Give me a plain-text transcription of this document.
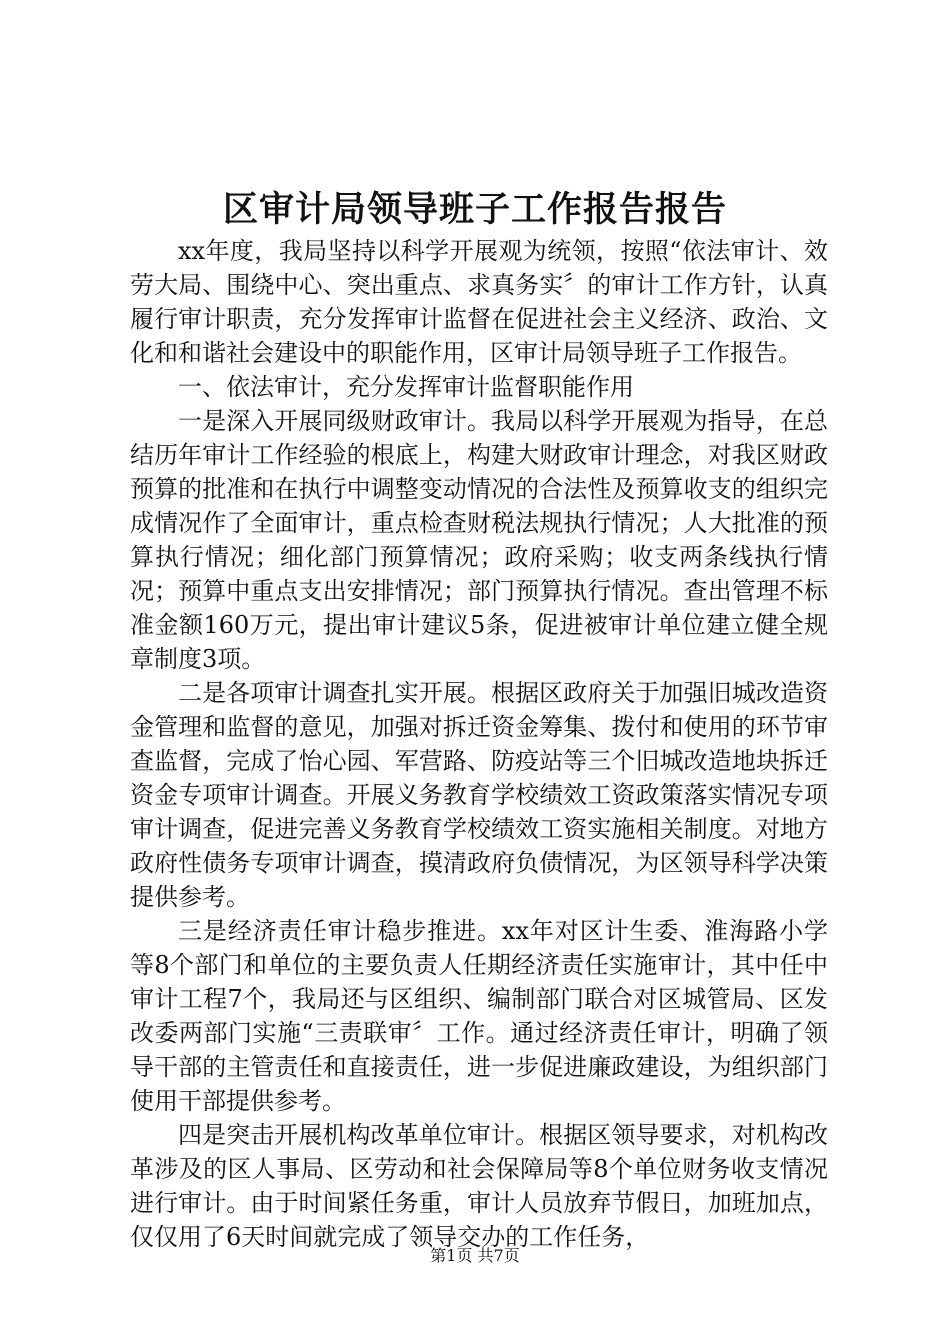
区审计局领导班子工作报告报告

xx年度，我局坚持以科学开展观为统领，按照“依法审计、效劳大局、围绕中心、突出重点、求真务实〞的审计工作方针，认真履行审计职责，充分发挥审计监督在促进社会主义经济、政治、文化和和谐社会建设中的职能作用，区审计局领导班子工作报告。

一、依法审计，充分发挥审计监督职能作用

一是深入开展同级财政审计。我局以科学开展观为指导，在总结历年审计工作经验的根底上，构建大财政审计理念，对我区财政预算的批准和在执行中调整变动情况的合法性及预算收支的组织完成情况作了全面审计，重点检查财税法规执行情况；人大批准的预算执行情况；细化部门预算情况；政府采购；收支两条线执行情况；预算中重点支出安排情况；部门预算执行情况。查出管理不标准金额160万元，提出审计建议5条，促进被审计单位建立健全规章制度3项。

二是各项审计调查扎实开展。根据区政府关于加强旧城改造资金管理和监督的意见，加强对拆迁资金筹集、拨付和使用的环节审查监督，完成了怡心园、军营路、防疫站等三个旧城改造地块拆迁资金专项审计调查。开展义务教育学校绩效工资政策落实情况专项审计调查，促进完善义务教育学校绩效工资实施相关制度。对地方政府性债务专项审计调查，摸清政府负债情况，为区领导科学决策提供参考。

三是经济责任审计稳步推进。xx年对区计生委、淮海路小学等8个部门和单位的主要负责人任期经济责任实施审计，其中任中审计工程7个，我局还与区组织、编制部门联合对区城管局、区发改委两部门实施“三责联审〞工作。通过经济责任审计，明确了领导干部的主管责任和直接责任，进一步促进廉政建设，为组织部门使用干部提供参考。

四是突击开展机构改革单位审计。根据区领导要求，对机构改革涉及的区人事局、区劳动和社会保障局等8个单位财务收支情况进行审计。由于时间紧任务重，审计人员放弃节假日，加班加点，仅仅用了6天时间就完成了领导交办的工作任务，

第1页 共7页
